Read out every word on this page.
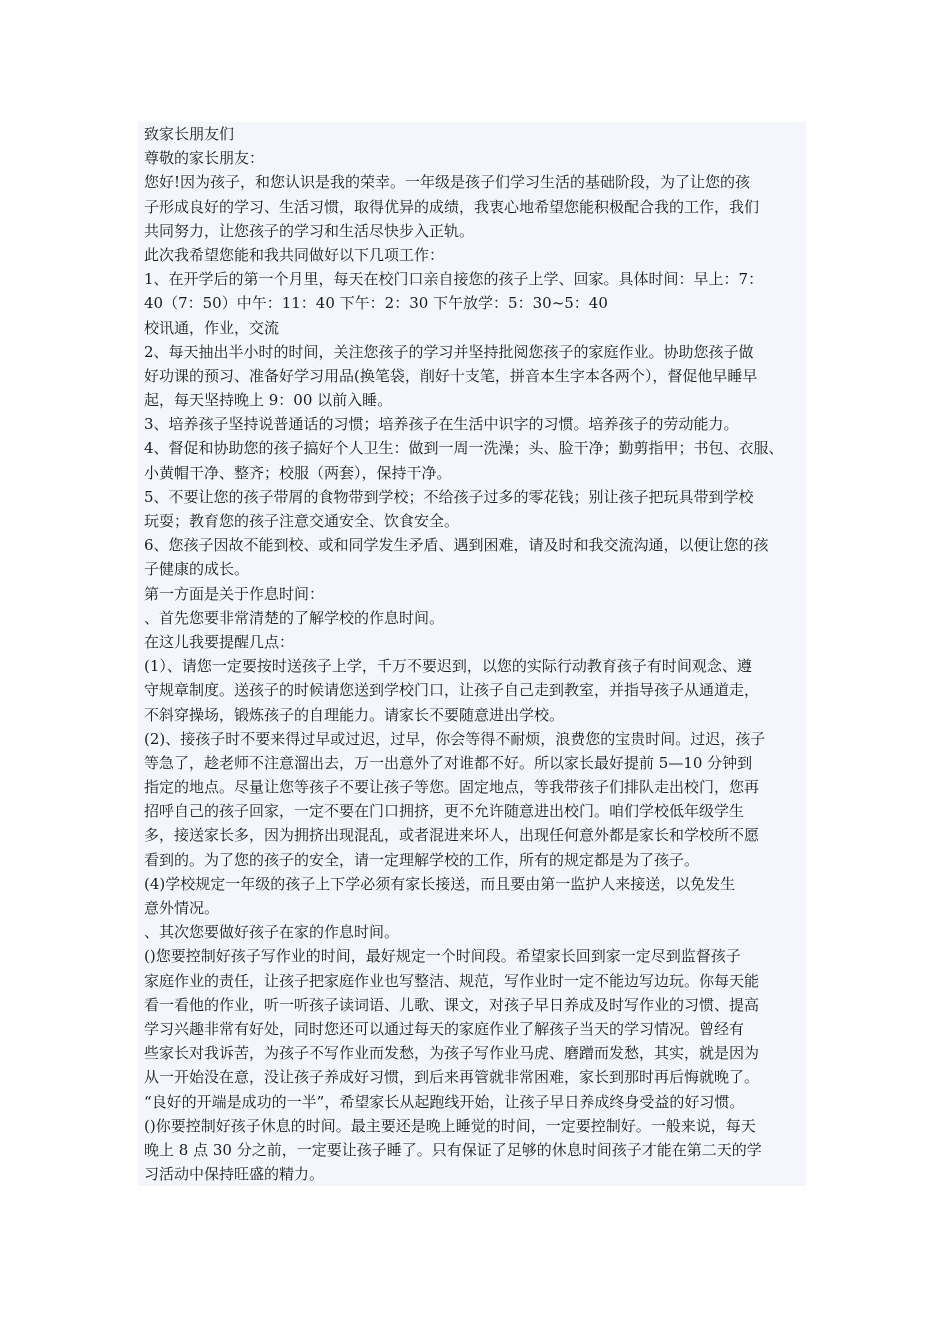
致家长朋友们
尊敬的家长朋友：
您好!因为孩子，和您认识是我的荣幸。一年级是孩子们学习生活的基础阶段，为了让您的孩
子形成良好的学习、生活习惯，取得优异的成绩，我衷心地希望您能积极配合我的工作，我们
共同努力，让您孩子的学习和生活尽快步入正轨。
此次我希望您能和我共同做好以下几项工作：
1、在开学后的第一个月里，每天在校门口亲自接您的孩子上学、回家。具体时间：早上：7：
40（7：50）中午：11：40 下午：2：30 下午放学：5：30~5：40
校讯通，作业，交流
2、每天抽出半小时的时间，关注您孩子的学习并坚持批阅您孩子的家庭作业。协助您孩子做
好功课的预习、准备好学习用品(换笔袋，削好十支笔，拼音本生字本各两个），督促他早睡早
起，每天坚持晚上 9：00 以前入睡。
3、培养孩子坚持说普通话的习惯；培养孩子在生活中识字的习惯。培养孩子的劳动能力。
4、督促和协助您的孩子搞好个人卫生：做到一周一洗澡；头、脸干净；勤剪指甲；书包、衣服、
小黄帽干净、整齐；校服（两套），保持干净。
5、不要让您的孩子带屑的食物带到学校；不给孩子过多的零花钱；别让孩子把玩具带到学校
玩耍；教育您的孩子注意交通安全、饮食安全。
6、您孩子因故不能到校、或和同学发生矛盾、遇到困难，请及时和我交流沟通，以便让您的孩
子健康的成长。
第一方面是关于作息时间：
、首先您要非常清楚的了解学校的作息时间。
在这儿我要提醒几点：
(1）、请您一定要按时送孩子上学，千万不要迟到，以您的实际行动教育孩子有时间观念、遵
守规章制度。送孩子的时候请您送到学校门口，让孩子自己走到教室，并指导孩子从通道走，
不斜穿操场，锻炼孩子的自理能力。请家长不要随意进出学校。
(2)、接孩子时不要来得过早或过迟，过早，你会等得不耐烦，浪费您的宝贵时间。过迟，孩子
等急了，趁老师不注意溜出去，万一出意外了对谁都不好。所以家长最好提前 5—10 分钟到
指定的地点。尽量让您等孩子不要让孩子等您。固定地点，等我带孩子们排队走出校门，您再
招呼自己的孩子回家，一定不要在门口拥挤，更不允许随意进出校门。咱们学校低年级学生
多，接送家长多，因为拥挤出现混乱，或者混进来坏人，出现任何意外都是家长和学校所不愿
看到的。为了您的孩子的安全，请一定理解学校的工作，所有的规定都是为了孩子。
(4)学校规定一年级的孩子上下学必须有家长接送，而且要由第一监护人来接送，以免发生
意外情况。
、其次您要做好孩子在家的作息时间。
()您要控制好孩子写作业的时间，最好规定一个时间段。希望家长回到家一定尽到监督孩子
家庭作业的责任，让孩子把家庭作业也写整洁、规范，写作业时一定不能边写边玩。你每天能
看一看他的作业，听一听孩子读词语、儿歌、课文，对孩子早日养成及时写作业的习惯、提高
学习兴趣非常有好处，同时您还可以通过每天的家庭作业了解孩子当天的学习情况。曾经有
些家长对我诉苦，为孩子不写作业而发愁，为孩子写作业马虎、磨蹭而发愁，其实，就是因为
从一开始没在意，没让孩子养成好习惯，到后来再管就非常困难，家长到那时再后悔就晚了。
“良好的开端是成功的一半”，希望家长从起跑线开始，让孩子早日养成终身受益的好习惯。
()你要控制好孩子休息的时间。最主要还是晚上睡觉的时间，一定要控制好。一般来说，每天
晚上 8 点 30 分之前，一定要让孩子睡了。只有保证了足够的休息时间孩子才能在第二天的学
习活动中保持旺盛的精力。
